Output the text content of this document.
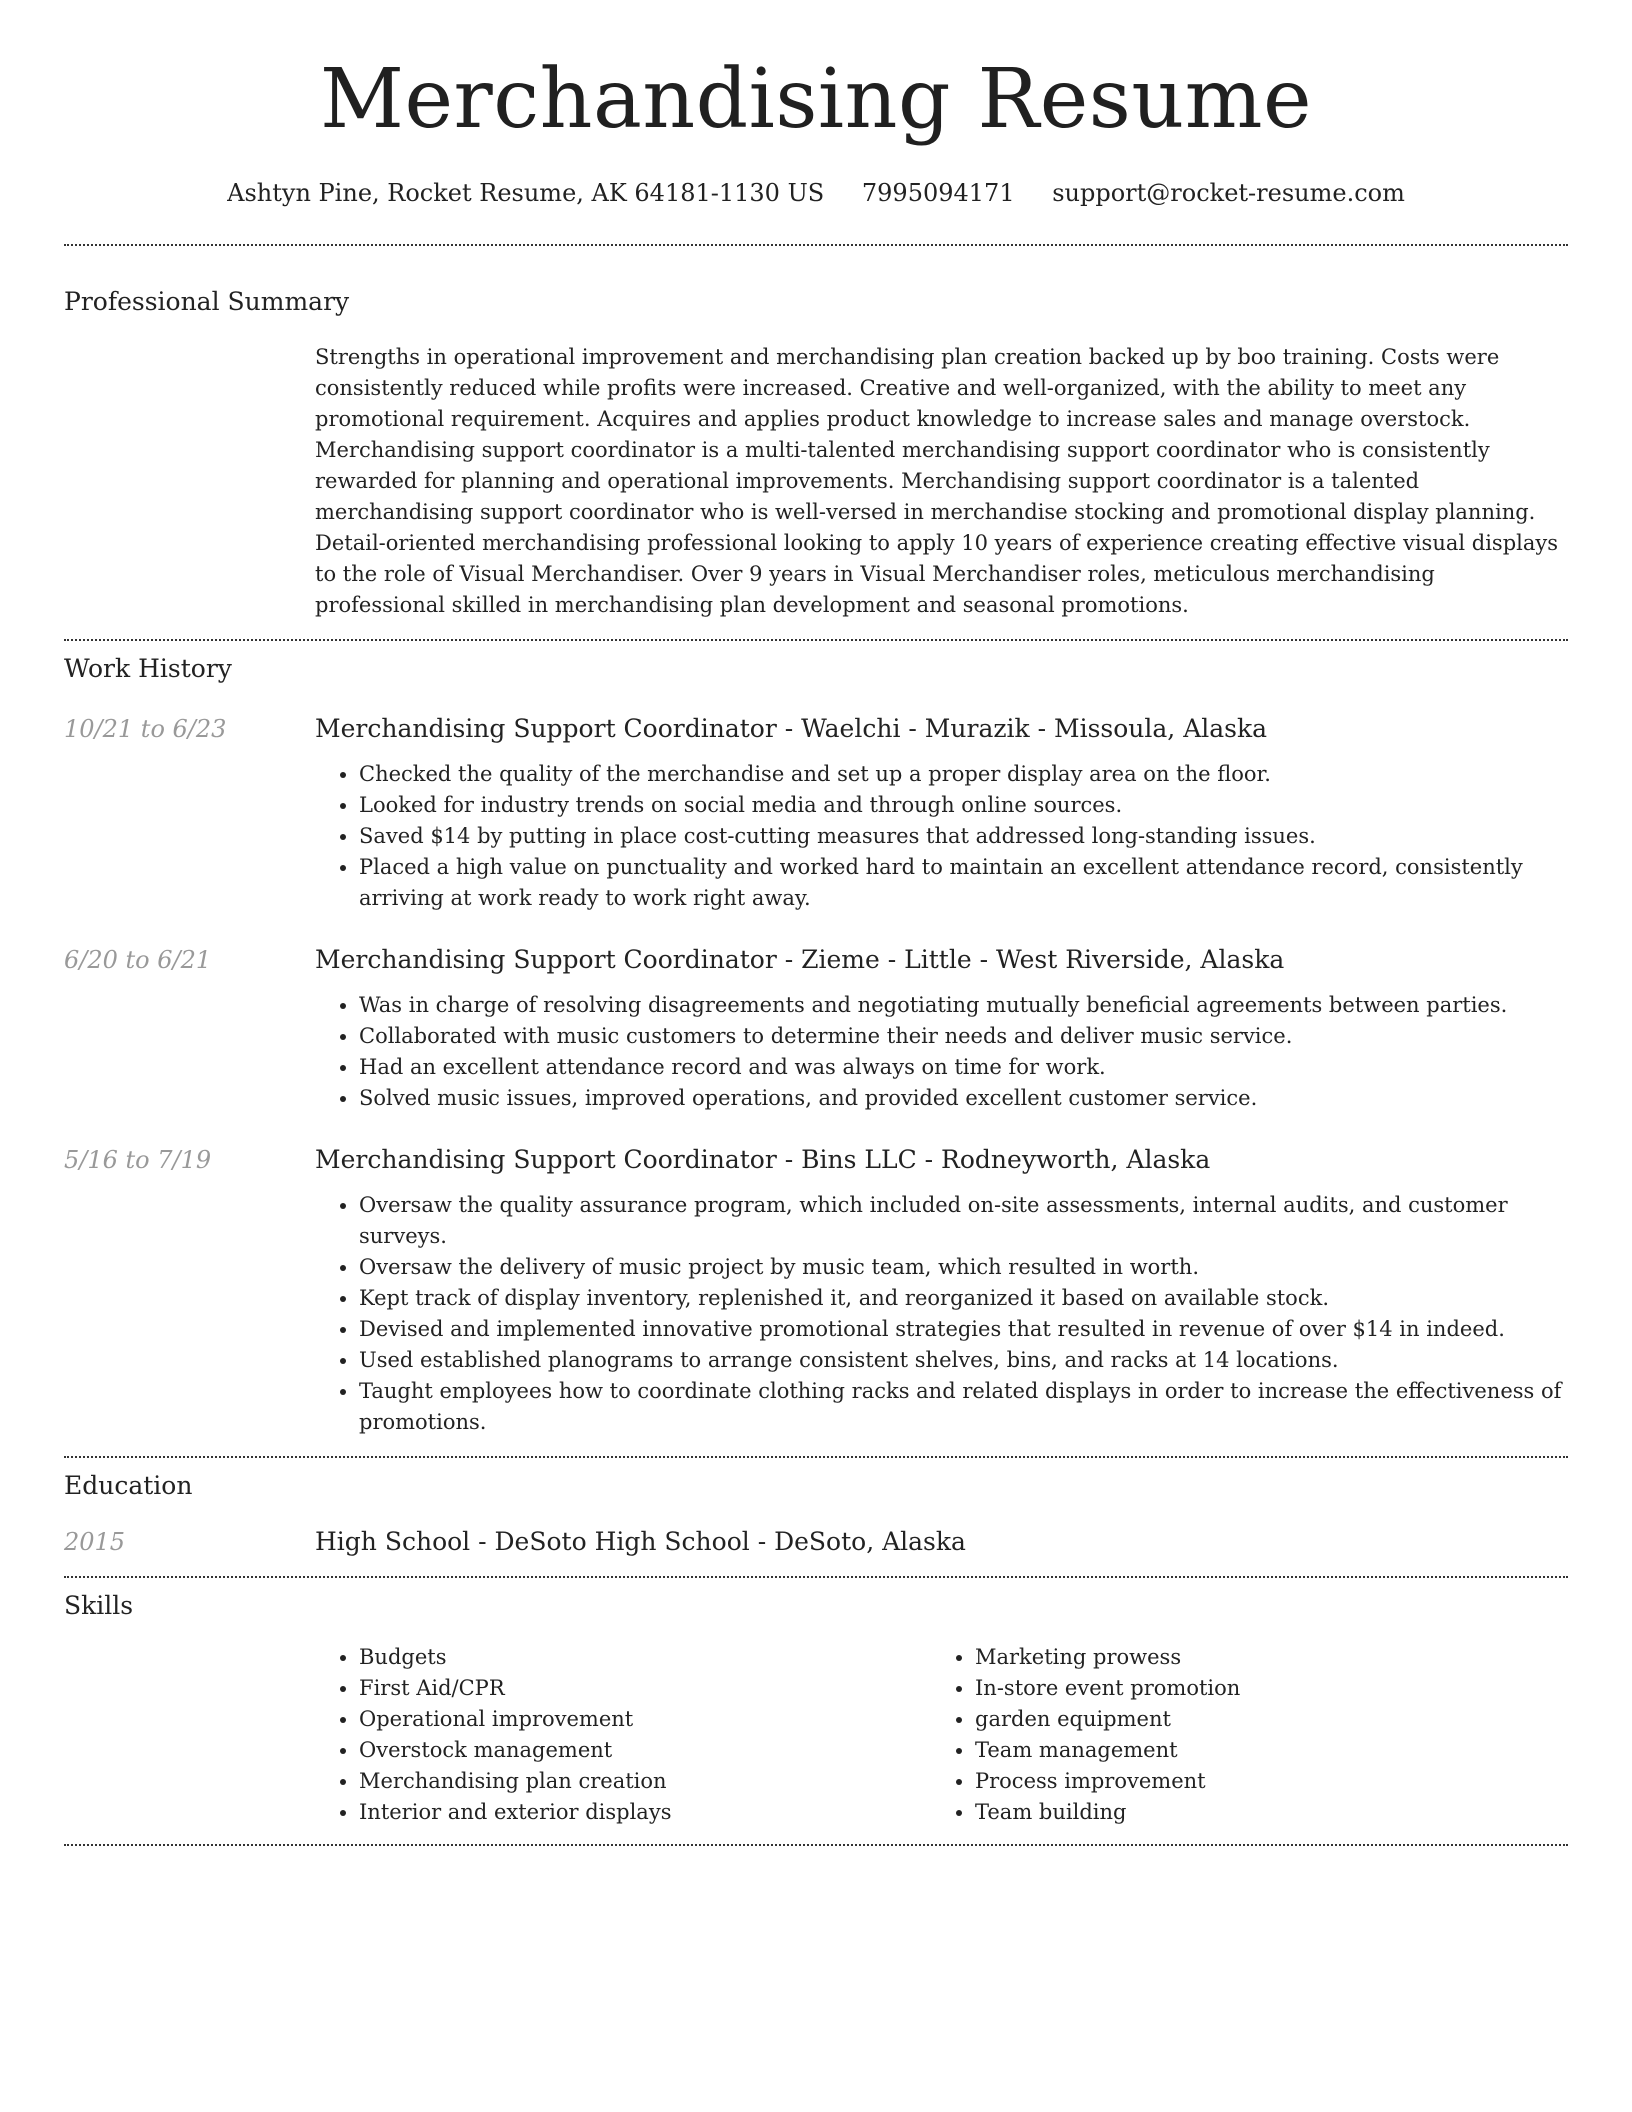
Merchandising Resume
Ashtyn Pine, Rocket Resume, AK 64181-1130 US 7995094171 support@rocket-resume.com
Professional Summary
Strengths in operational improvement and merchandising plan creation backed up by boo training. Costs were consistently reduced while profits were increased. Creative and well-organized, with the ability to meet any promotional requirement. Acquires and applies product knowledge to increase sales and manage overstock. Merchandising support coordinator is a multi-talented merchandising support coordinator who is consistently rewarded for planning and operational improvements. Merchandising support coordinator is a talented merchandising support coordinator who is well-versed in merchandise stocking and promotional display planning. Detail-oriented merchandising professional looking to apply 10 years of experience creating effective visual displays to the role of Visual Merchandiser. Over 9 years in Visual Merchandiser roles, meticulous merchandising professional skilled in merchandising plan development and seasonal promotions.
Work History
10/21 to 6/23	Merchandising Support Coordinator - Waelchi - Murazik - Missoula, Alaska
• Checked the quality of the merchandise and set up a proper display area on the floor.
• Looked for industry trends on social media and through online sources.
• Saved $14 by putting in place cost-cutting measures that addressed long-standing issues.
• Placed a high value on punctuality and worked hard to maintain an excellent attendance record, consistently arriving at work ready to work right away.
6/20 to 6/21	Merchandising Support Coordinator - Zieme - Little - West Riverside, Alaska
• Was in charge of resolving disagreements and negotiating mutually beneficial agreements between parties.
• Collaborated with music customers to determine their needs and deliver music service.
• Had an excellent attendance record and was always on time for work.
• Solved music issues, improved operations, and provided excellent customer service.
5/16 to 7/19	Merchandising Support Coordinator - Bins LLC - Rodneyworth, Alaska
• Oversaw the quality assurance program, which included on-site assessments, internal audits, and customer surveys.
• Oversaw the delivery of music project by music team, which resulted in worth.
• Kept track of display inventory, replenished it, and reorganized it based on available stock.
• Devised and implemented innovative promotional strategies that resulted in revenue of over $14 in indeed.
• Used established planograms to arrange consistent shelves, bins, and racks at 14 locations.
• Taught employees how to coordinate clothing racks and related displays in order to increase the effectiveness of promotions.
Education
2015	High School - DeSoto High School - DeSoto, Alaska
Skills
• Budgets
• First Aid/CPR
• Operational improvement
• Overstock management
• Merchandising plan creation
• Interior and exterior displays
• Marketing prowess
• In-store event promotion
• garden equipment
• Team management
• Process improvement
• Team building
